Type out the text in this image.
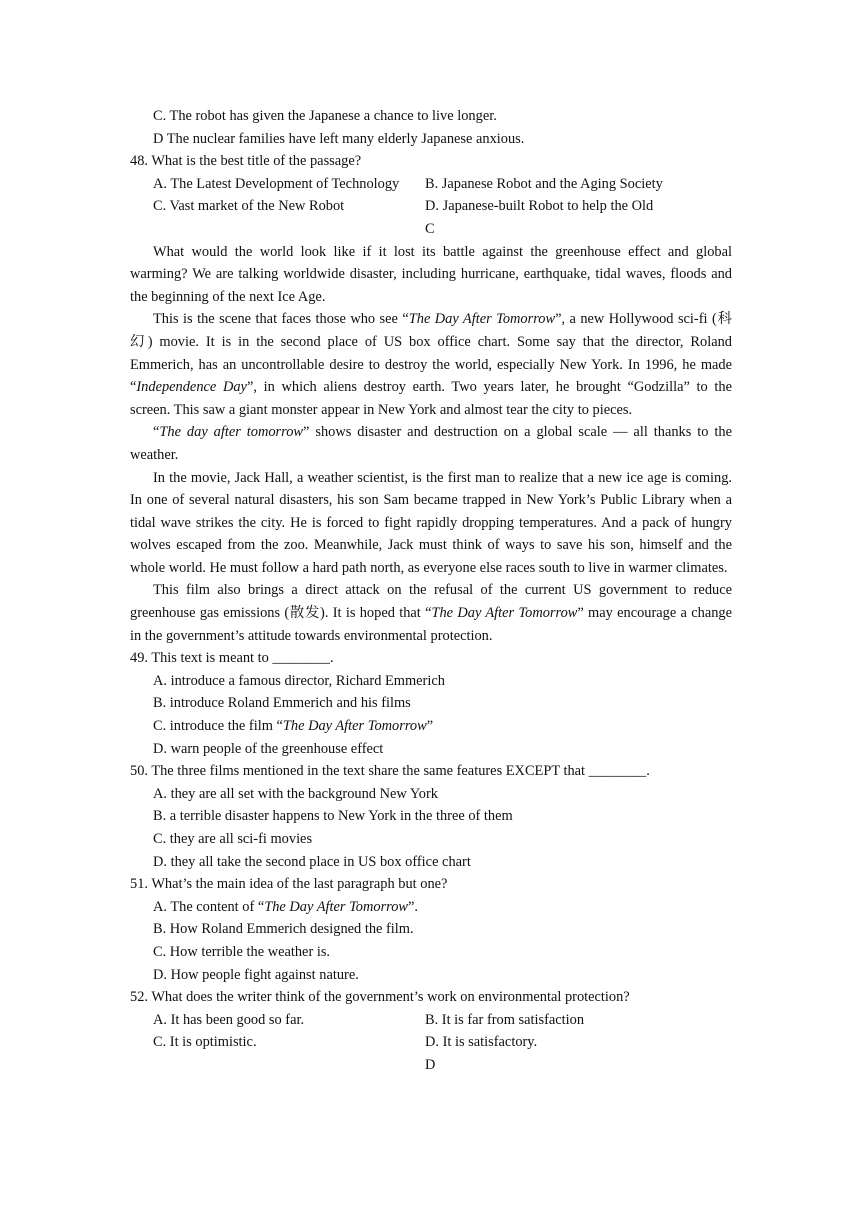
C. The robot has given the Japanese a chance to live longer.
D The nuclear families have left many elderly Japanese anxious.
48. What is the best title of the passage?
A. The Latest Development of Technology	B. Japanese Robot and the Aging Society
C. Vast market of the New Robot	D. Japanese-built Robot to help the Old
C

What would the world look like if it lost its battle against the greenhouse effect and global warming? We are talking worldwide disaster, including hurricane, earthquake, tidal waves, floods and the beginning of the next Ice Age.

This is the scene that faces those who see “The Day After Tomorrow”, a new Hollywood sci-fi (科幻) movie. It is in the second place of US box office chart. Some say that the director, Roland Emmerich, has an uncontrollable desire to destroy the world, especially New York. In 1996, he made “Independence Day”, in which aliens destroy earth. Two years later, he brought “Godzilla” to the screen. This saw a giant monster appear in New York and almost tear the city to pieces.

“The day after tomorrow” shows disaster and destruction on a global scale — all thanks to the weather.

In the movie, Jack Hall, a weather scientist, is the first man to realize that a new ice age is coming. In one of several natural disasters, his son Sam became trapped in New York’s Public Library when a tidal wave strikes the city. He is forced to fight rapidly dropping temperatures. And a pack of hungry wolves escaped from the zoo. Meanwhile, Jack must think of ways to save his son, himself and the whole world. He must follow a hard path north, as everyone else races south to live in warmer climates.

This film also brings a direct attack on the refusal of the current US government to reduce greenhouse gas emissions (散发). It is hoped that “The Day After Tomorrow” may encourage a change in the government’s attitude towards environmental protection.

49. This text is meant to ________.
A. introduce a famous director, Richard Emmerich
B. introduce Roland Emmerich and his films
C. introduce the film “The Day After Tomorrow”
D. warn people of the greenhouse effect
50. The three films mentioned in the text share the same features EXCEPT that ________.
A. they are all set with the background New York
B. a terrible disaster happens to New York in the three of them
C. they are all sci-fi movies
D. they all take the second place in US box office chart
51. What’s the main idea of the last paragraph but one?
A. The content of “The Day After Tomorrow”.
B. How Roland Emmerich designed the film.
C. How terrible the weather is.
D. How people fight against nature.
52. What does the writer think of the government’s work on environmental protection?
A. It has been good so far.	B. It is far from satisfaction
C. It is optimistic.	D. It is satisfactory.
D
